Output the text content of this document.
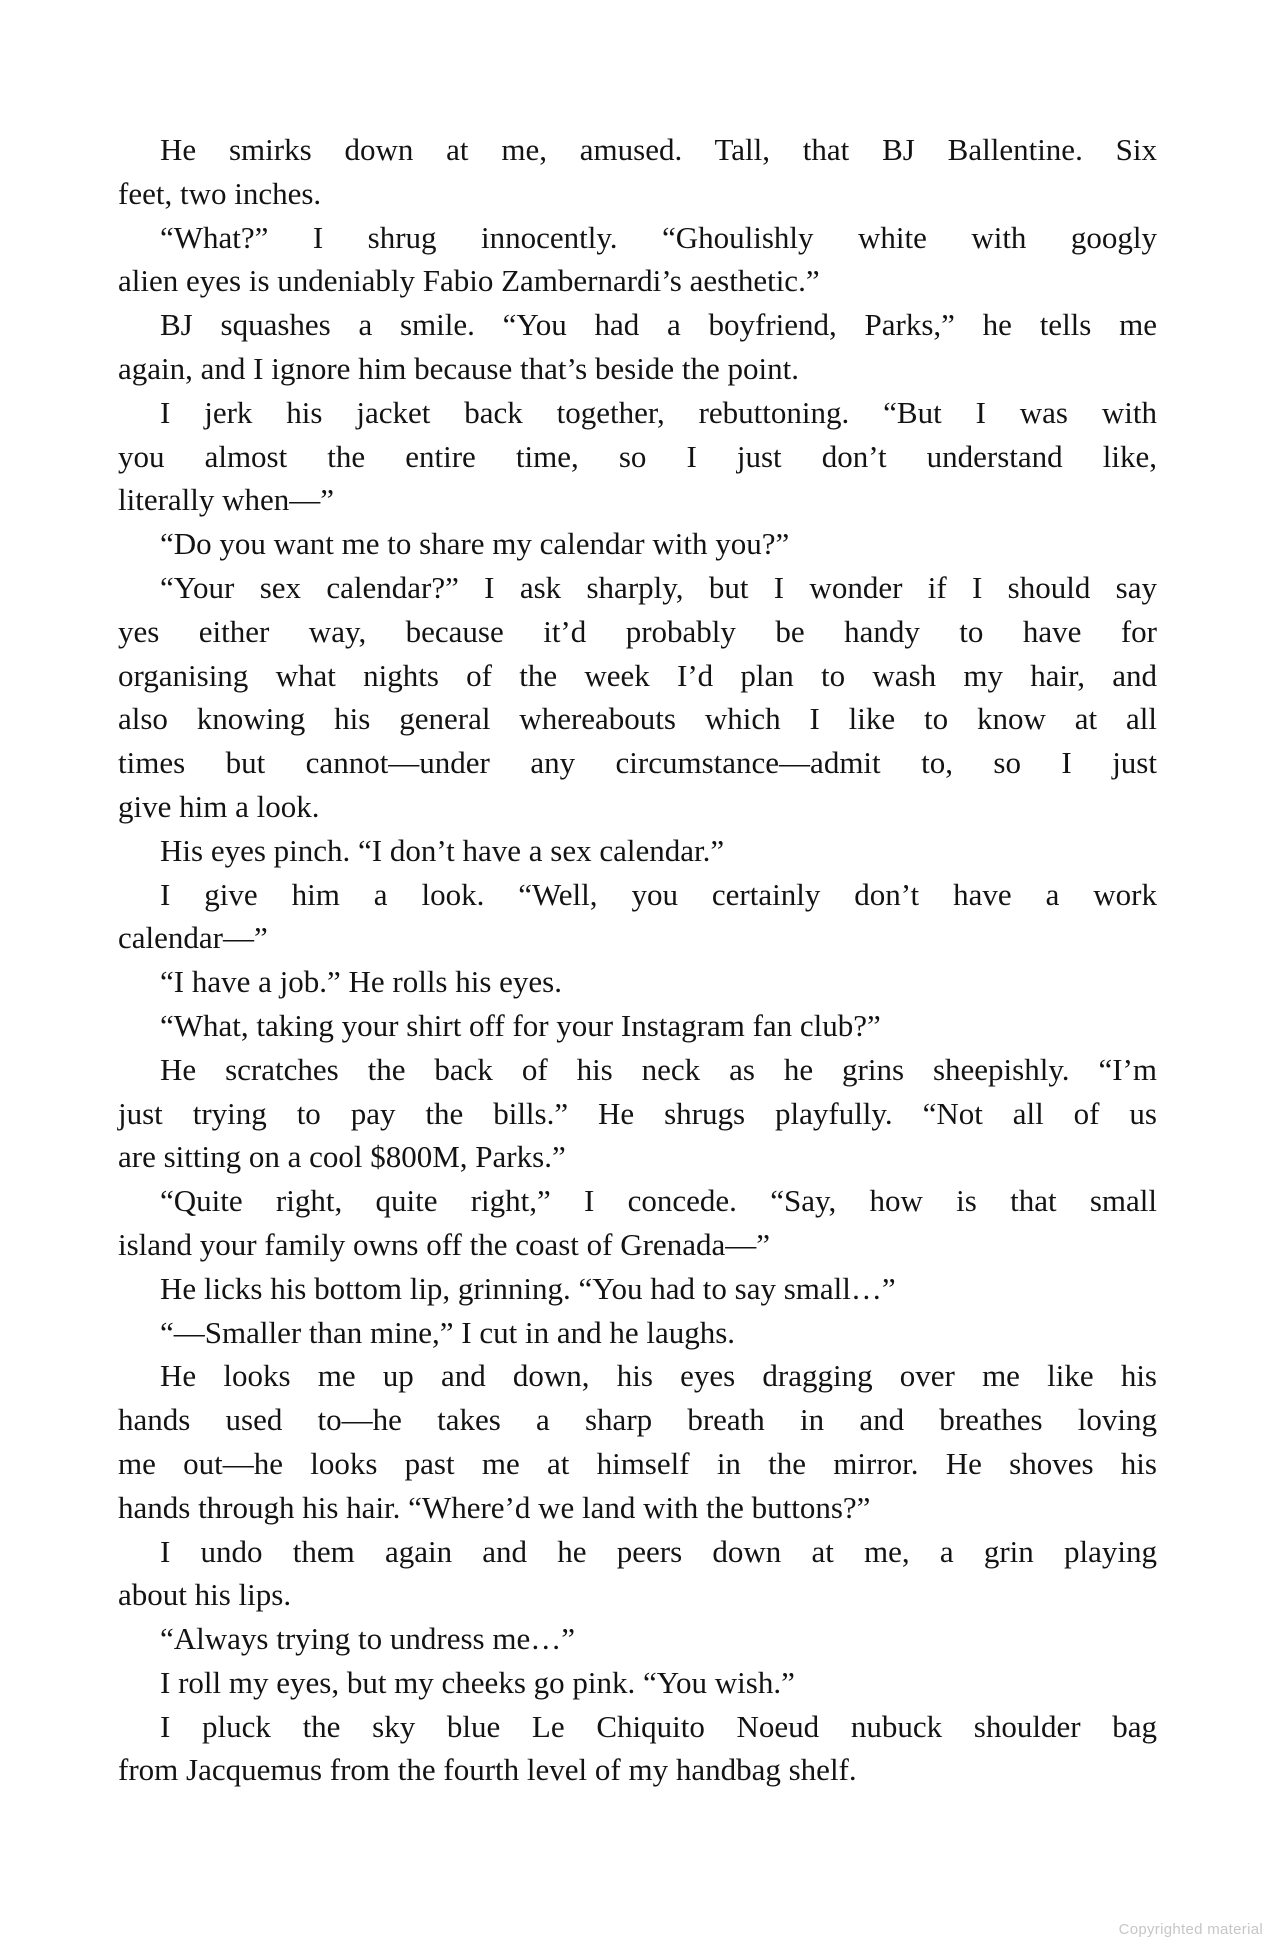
He smirks down at me, amused. Tall, that BJ Ballentine. Six
feet, two inches.

“What?” I shrug innocently. “Ghoulishly white with googly
alien eyes is undeniably Fabio Zambernardi’s aesthetic.”

BJ squashes a smile. “You had a boyfriend, Parks,” he tells me
again, and I ignore him because that’s beside the point.

I jerk his jacket back together, rebuttoning. “But I was with
you almost the entire time, so I just don’t understand like,
literally when—”

“Do you want me to share my calendar with you?”

“Your sex calendar?” I ask sharply, but I wonder if I should say
yes either way, because it’d probably be handy to have for
organising what nights of the week I’d plan to wash my hair, and
also knowing his general whereabouts which I like to know at all
times but cannot—under any circumstance—admit to, so I just
give him a look.

His eyes pinch. “I don’t have a sex calendar.”

I give him a look. “Well, you certainly don’t have a work
calendar—”

“I have a job.” He rolls his eyes.

“What, taking your shirt off for your Instagram fan club?”

He scratches the back of his neck as he grins sheepishly. “I’m
just trying to pay the bills.” He shrugs playfully. “Not all of us
are sitting on a cool $800M, Parks.”

“Quite right, quite right,” I concede. “Say, how is that small
island your family owns off the coast of Grenada—”

He licks his bottom lip, grinning. “You had to say small…”

“—Smaller than mine,” I cut in and he laughs.

He looks me up and down, his eyes dragging over me like his
hands used to—he takes a sharp breath in and breathes loving
me out—he looks past me at himself in the mirror. He shoves his
hands through his hair. “Where’d we land with the buttons?”

I undo them again and he peers down at me, a grin playing
about his lips.

“Always trying to undress me…”

I roll my eyes, but my cheeks go pink. “You wish.”

I pluck the sky blue Le Chiquito Noeud nubuck shoulder bag
from Jacquemus from the fourth level of my handbag shelf.

Copyrighted material
